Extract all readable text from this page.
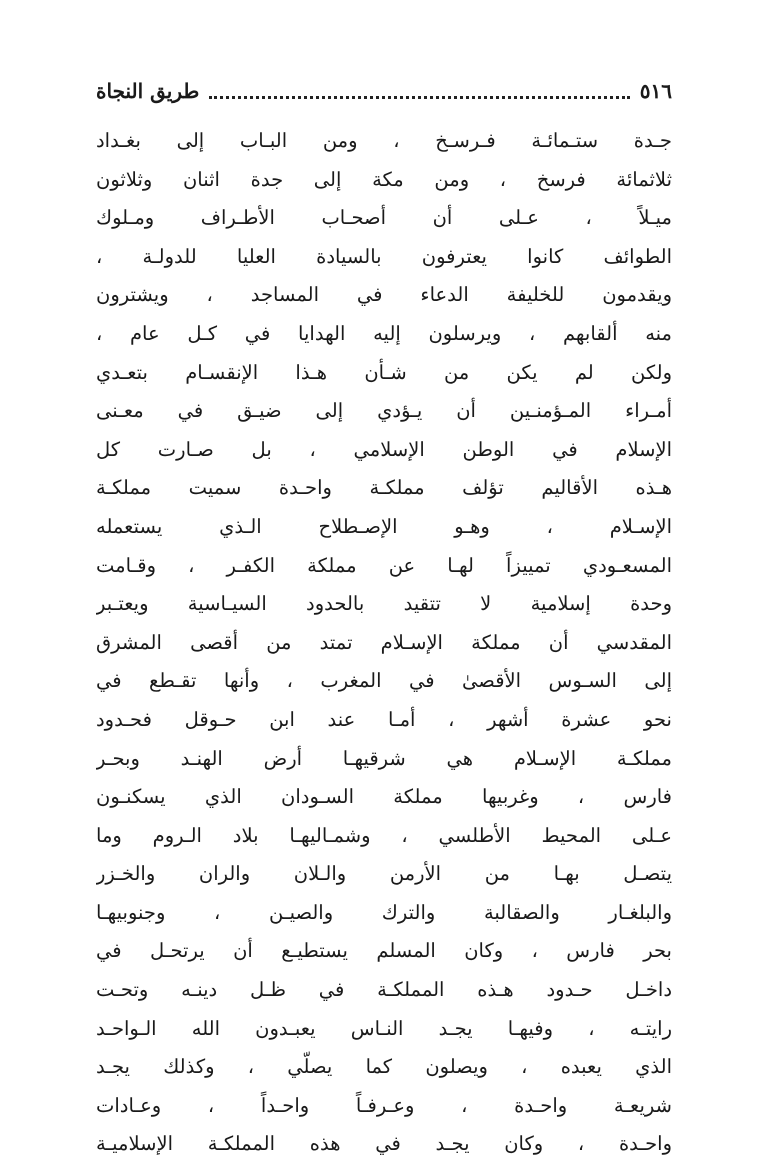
٥١٦
طريق النجاة
جـدة ستـمائـة فـرسـخ ، ومن البـاب إلى بغـداد
ثلاثمائة فرسخ ، ومن مكة إلى جدة اثنان وثلاثون
ميـلاً ، عـلى أن أصحـاب الأطـراف ومـلوك
الطوائف كانوا يعترفون بالسيادة العليا للدولـة ،
ويقدمون للخليفة الدعاء في المساجد ، ويشترون
منه ألقابهم ، ويرسلون إليه الهدايا في كـل عام ،
ولكن لم يكن من شـأن هـذا الإنقسـام بتعـدي
أمـراء المـؤمنـين أن يـؤدي إلى ضيـق في معـنى
الإسلام في الوطن الإسلامي ، بل صـارت كل
هـذه الأقاليم تؤلف مملكـة واحـدة سميت مملكـة
الإسـلام ، وهـو الإصـطلاح الـذي يستعمله
المسعـودي تمييزاً لهـا عن مملكة الكفـر ، وقـامت
وحدة إسلامية لا تتقيد بالحدود السيـاسية ويعتـبر
المقدسي أن مملكة الإسـلام تمتد من أقصى المشرق
إلى السـوس الأقصىٰ في المغرب ، وأنها تقـطع في
نحو عشرة أشهر ، أمـا عند ابن حـوقل فحـدود
مملكـة الإسـلام هي شرقيهـا أرض الهنـد وبحـر
فارس ، وغربيها مملكة السـودان الذي يسكنـون
عـلى المحيط الأطلسي ، وشمـاليهـا بلاد الـروم وما
يتصـل بهـا من الأرمن والـلان والران والخـزر
والبلغـار والصقالبة والترك والصيـن ، وجنوبيهـا
بحر فارس ، وكان المسلم يستطيـع أن يرتحـل في
داخـل حـدود هـذه المملكـة في ظـل دينـه وتحـت
رايتـه ، وفيهـا يجـد النـاس يعبـدون الله الـواحـد
الذي يعبده ، ويصلون كما يصلّي ، وكذلك يجـد
شريعـة واحـدة ، وعـرفـاً واحـداً ، وعـادات
واحـدة ، وكان يجـد في هذه المملكـة الإسلاميـة
